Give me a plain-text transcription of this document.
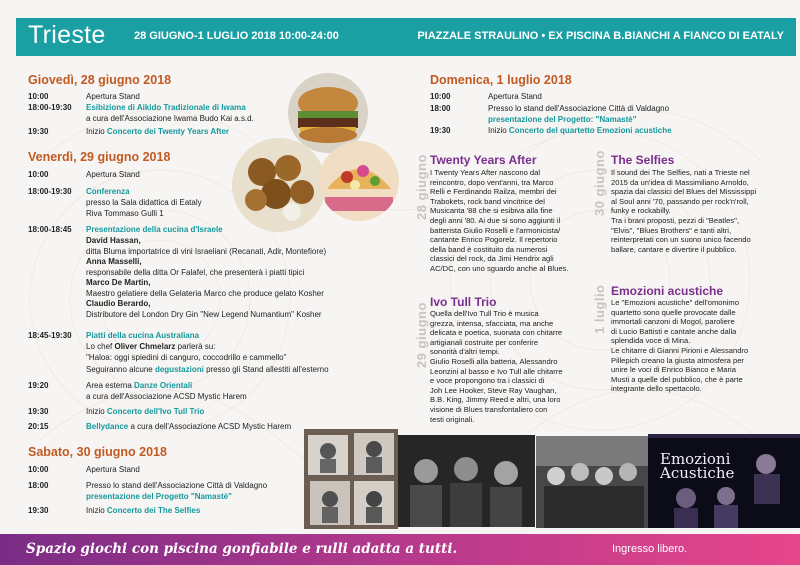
Trieste	28 GIUGNO-1 LUGLIO 2018 10:00-24:00	PIAZZALE STRAULINO • EX PISCINA B.BIANCHI A FIANCO DI EATALY
Giovedì, 28 giugno 2018
10:00	Apertura Stand
18:00-19:30 Esibizione di Aikido Tradizionale di Iwama
a cura dell'Associazione Iwama Budo Kai a.s.d.
19:30	Inizio Concerto dei Twenty Years After
Venerdì, 29 giugno 2018
10:00	Apertura Stand
18:00-19:30 Conferenza
presso la Sala didattica di Eataly
Riva Tommaso Gulli 1
18:00-18:45 Presentazione della cucina d'Israele
David Hassan,
ditta Bluma importatrice di vini Israeliani (Recanati, Adir, Montefiore)
Anna Masselli,
responsabile della ditta Or Falafel, che presenterà i piatti tipici
Marco De Martin,
Maestro gelatiere della Gelateria Marco che produce gelato Kosher
Claudio Berardo,
Distributore del London Dry Gin "New Legend Numantium" Kosher
18:45-19:30 Piatti della cucina Australiana
Lo chef Oliver Chmelarz parlerà su:
"Haloa: oggi spiedini di canguro, coccodrillo e cammello"
Seguiranno alcune degustazioni presso gli Stand allestiti all'esterno
19:20	Area esterna Danze Orientali
a cura dell'Associazione ACSD Mystic Harem
19:30	Inizio Concerto dell'Ivo Tull Trio
20:15	Bellydance a cura dell'Associazione ACSD Mystic Harem
Sabato, 30 giugno 2018
10:00	Apertura Stand
18:00	Presso lo stand dell'Associazione Città di Valdagno
presentazione del Progetto "Namastè"
19:30	Inizio Concerto dei The Selfies
Domenica, 1 luglio 2018
10:00	Apertura Stand
18:00	Presso lo stand dell'Associazione Città di Valdagno
presentazione del Progetto: "Namastè"
19:30	Inizio Concerto del quartetto Emozioni acustiche
28 giugno
29 giugno
30 giugno
1 luglio
Twenty Years After
I Twenty Years After nascono dal
reincontro, dopo vent'anni, tra Marco
Relli e Ferdinando Railza, membri dei
Trabokets, rock band vincitrice del
Musicanta '88 che si esibiva alla fine
degli anni '80. Ai due si sono aggiunti il
batterista Giulio Roselli e l'armonicista/
cantante Enrico Pogorelz. Il repertorio
della band è costituito da numerosi
classici del rock, da Jimi Hendrix agli
AC/DC, con uno sguardo anche al Blues.
Ivo Tull Trio
Quella dell'Ivo Tull Trio è musica
grezza, intensa, sfacciata, ma anche
delicata e poetica, suonata con chitarre
artigianali costruite per conferire
sonorità d'altri tempi.
Giulio Roselli alla batteria, Alessandro
Leonzini al basso e Ivo Tull alle chitarre
e voce propongono tra i classici di
Joh Lee Hooker, Steve Ray Vaughan,
B.B. King, Jimmy Reed e altri, una loro
visione di Blues transfontaliero con
testi originali.
The Selfies
Il sound dei The Selfies, nati a Trieste nel
2015 da un'idea di Massimiliano Arnoldo,
spazia dai classici del Blues del Mississippi
al Soul anni '70, passando per rock'n'roll,
funky e rockabilly.
Tra i brani proposti, pezzi di "Beatles",
"Elvis", "Blues Brothers" e tanti altri,
reinterpretati con un suono unico facendo
ballare, cantare e divertire il pubblico.
Emozioni acustiche
Le "Emozioni acustiche" dell'omonimo
quartetto sono quelle provocate dalle
immortali canzoni di Mogol, paroliere
di Lucio Battisti e cantate anche dalla
splendida voce di Mina.
Le chitarre di Gianni Pirioni e Alessandro
Pillepich creano la giusta atmosfera per
unire le voci di Enrico Bianco e Maria
Musti a quelle del pubblico, che è parte
integrante dello spettacolo.
Emozioni
Acustiche
Spazio giochi con piscina gonfiabile e rulli adatta a tutti.	Ingresso libero.
